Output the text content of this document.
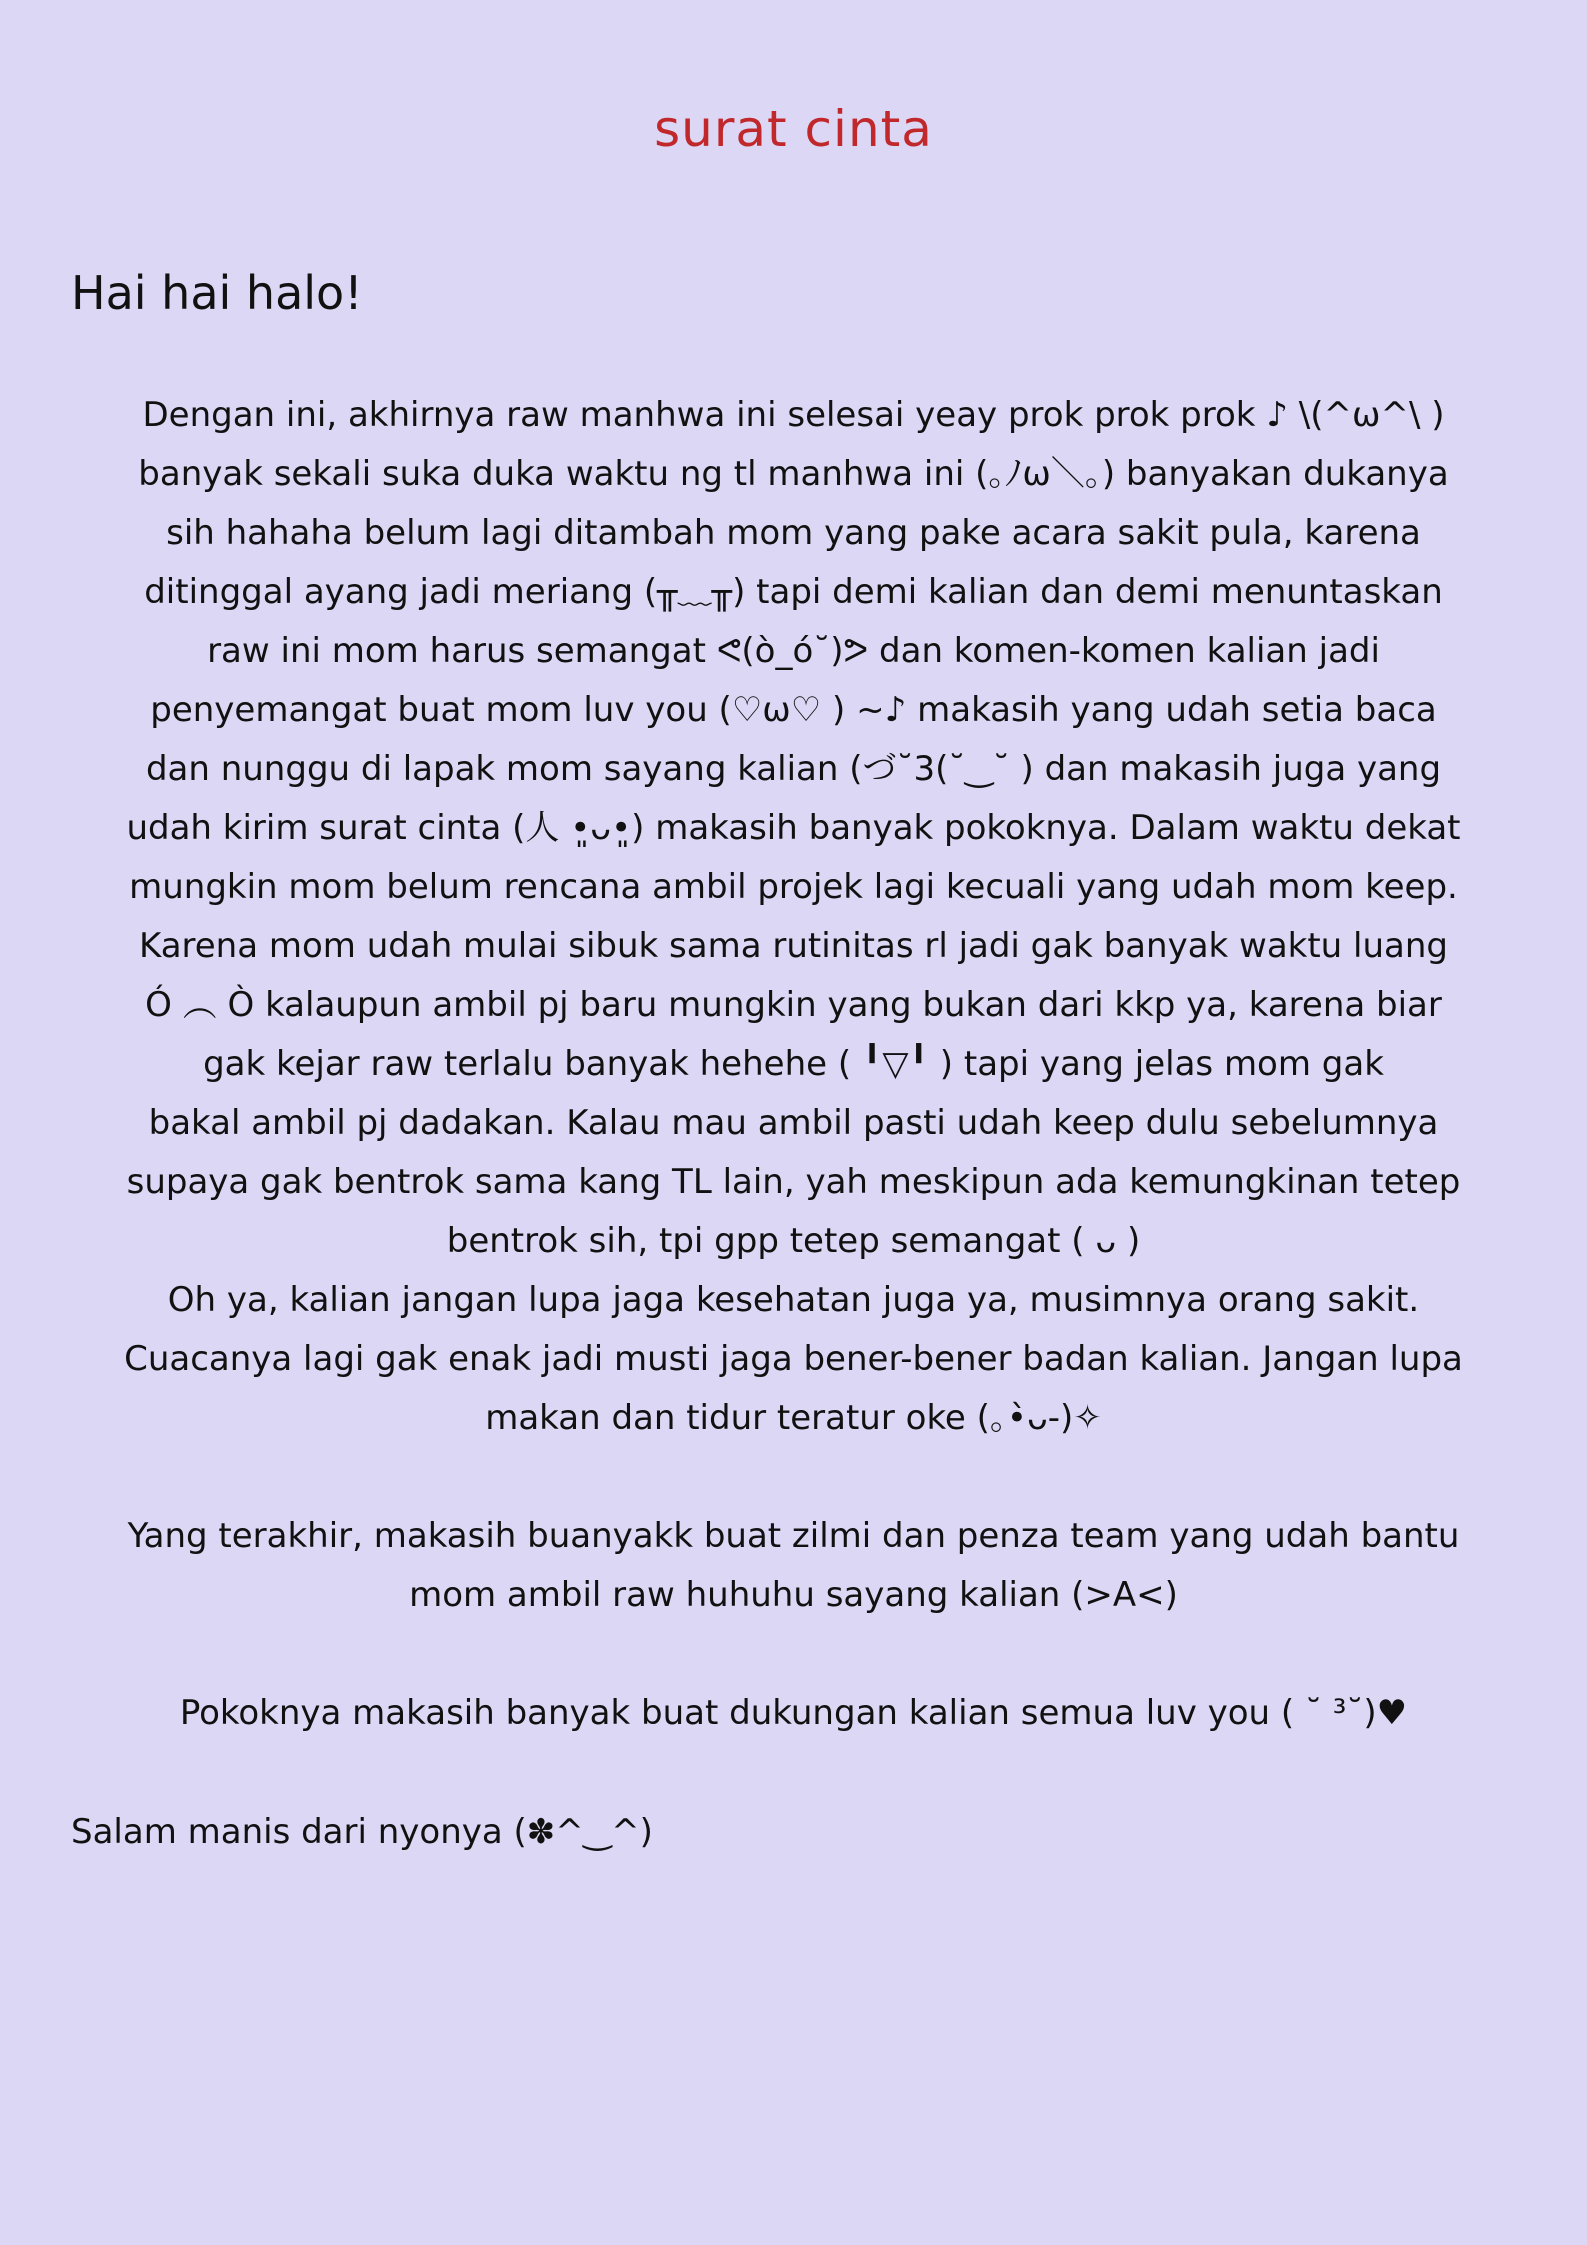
surat cinta
Hai hai halo!
Dengan ini, akhirnya raw manhwa ini selesai yeay prok prok prok ♪ \(^ω^\ )
banyak sekali suka duka waktu ng tl manhwa ini (｡ﾉω＼｡) banyakan dukanya
sih hahaha belum lagi ditambah mom yang pake acara sakit pula, karena
ditinggal ayang jadi meriang (╥﹏╥) tapi demi kalian dan demi menuntaskan
raw ini mom harus semangat ᕙ(ò_ó˘)ᕗ dan komen-komen kalian jadi
penyemangat buat mom luv you (♡ω♡ ) ~♪ makasih yang udah setia baca
dan nunggu di lapak mom sayang kalian (づ˘3(˘‿˘ ) dan makasih juga yang
udah kirim surat cinta (人 •͈ᴗ•͈) makasih banyak pokoknya. Dalam waktu dekat
mungkin mom belum rencana ambil projek lagi kecuali yang udah mom keep.
Karena mom udah mulai sibuk sama rutinitas rl jadi gak banyak waktu luang
Ó ︵ Ò kalaupun ambil pj baru mungkin yang bukan dari kkp ya, karena biar
gak kejar raw terlalu banyak hehehe ( ╹▽╹ ) tapi yang jelas mom gak
bakal ambil pj dadakan. Kalau mau ambil pasti udah keep dulu sebelumnya
supaya gak bentrok sama kang TL lain, yah meskipun ada kemungkinan tetep
bentrok sih, tpi gpp tetep semangat ( ᴗ )
Oh ya, kalian jangan lupa jaga kesehatan juga ya, musimnya orang sakit.
Cuacanya lagi gak enak jadi musti jaga bener-bener badan kalian. Jangan lupa
makan dan tidur teratur oke (｡•̀ᴗ-)✧
Yang terakhir, makasih buanyakk buat zilmi dan penza team yang udah bantu
mom ambil raw huhuhu sayang kalian (>A<)
Pokoknya makasih banyak buat dukungan kalian semua luv you ( ˘ ³˘)♥
Salam manis dari nyonya (✽^‿^)
